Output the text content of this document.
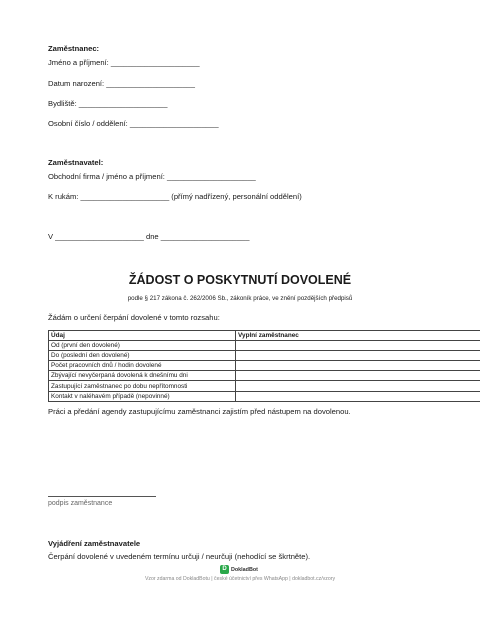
Zaměstnanec:
Jméno a příjmení: _____________________
Datum narození: _____________________
Bydliště: _____________________
Osobní číslo / oddělení: _____________________
Zaměstnavatel:
Obchodní firma / jméno a příjmení: _____________________
K rukám: _____________________ (přímý nadřízený, personální oddělení)
V _____________________ dne _____________________
ŽÁDOST O POSKYTNUTÍ DOVOLENÉ
podle § 217 zákona č. 262/2006 Sb., zákoník práce, ve znění pozdějších předpisů
Žádám o určení čerpání dovolené v tomto rozsahu:
Údaj	Vyplní zaměstnanec
Od (první den dovolené)	
Do (poslední den dovolené)	
Počet pracovních dnů / hodin dovolené	
Zbývající nevyčerpaná dovolená k dnešnímu dni	
Zastupující zaměstnanec po dobu nepřítomnosti	
Kontakt v naléhavém případě (nepovinné)	
Práci a předání agendy zastupujícímu zaměstnanci zajistím před nástupem na dovolenou.
podpis zaměstnance
Vyjádření zaměstnavatele
Čerpání dovolené v uvedeném termínu určuji / neurčuji (nehodící se škrtněte).
D DokladBot
Vzor zdarma od DokladBotu | české účetnictví přes WhatsApp | dokladbot.cz/vzory
